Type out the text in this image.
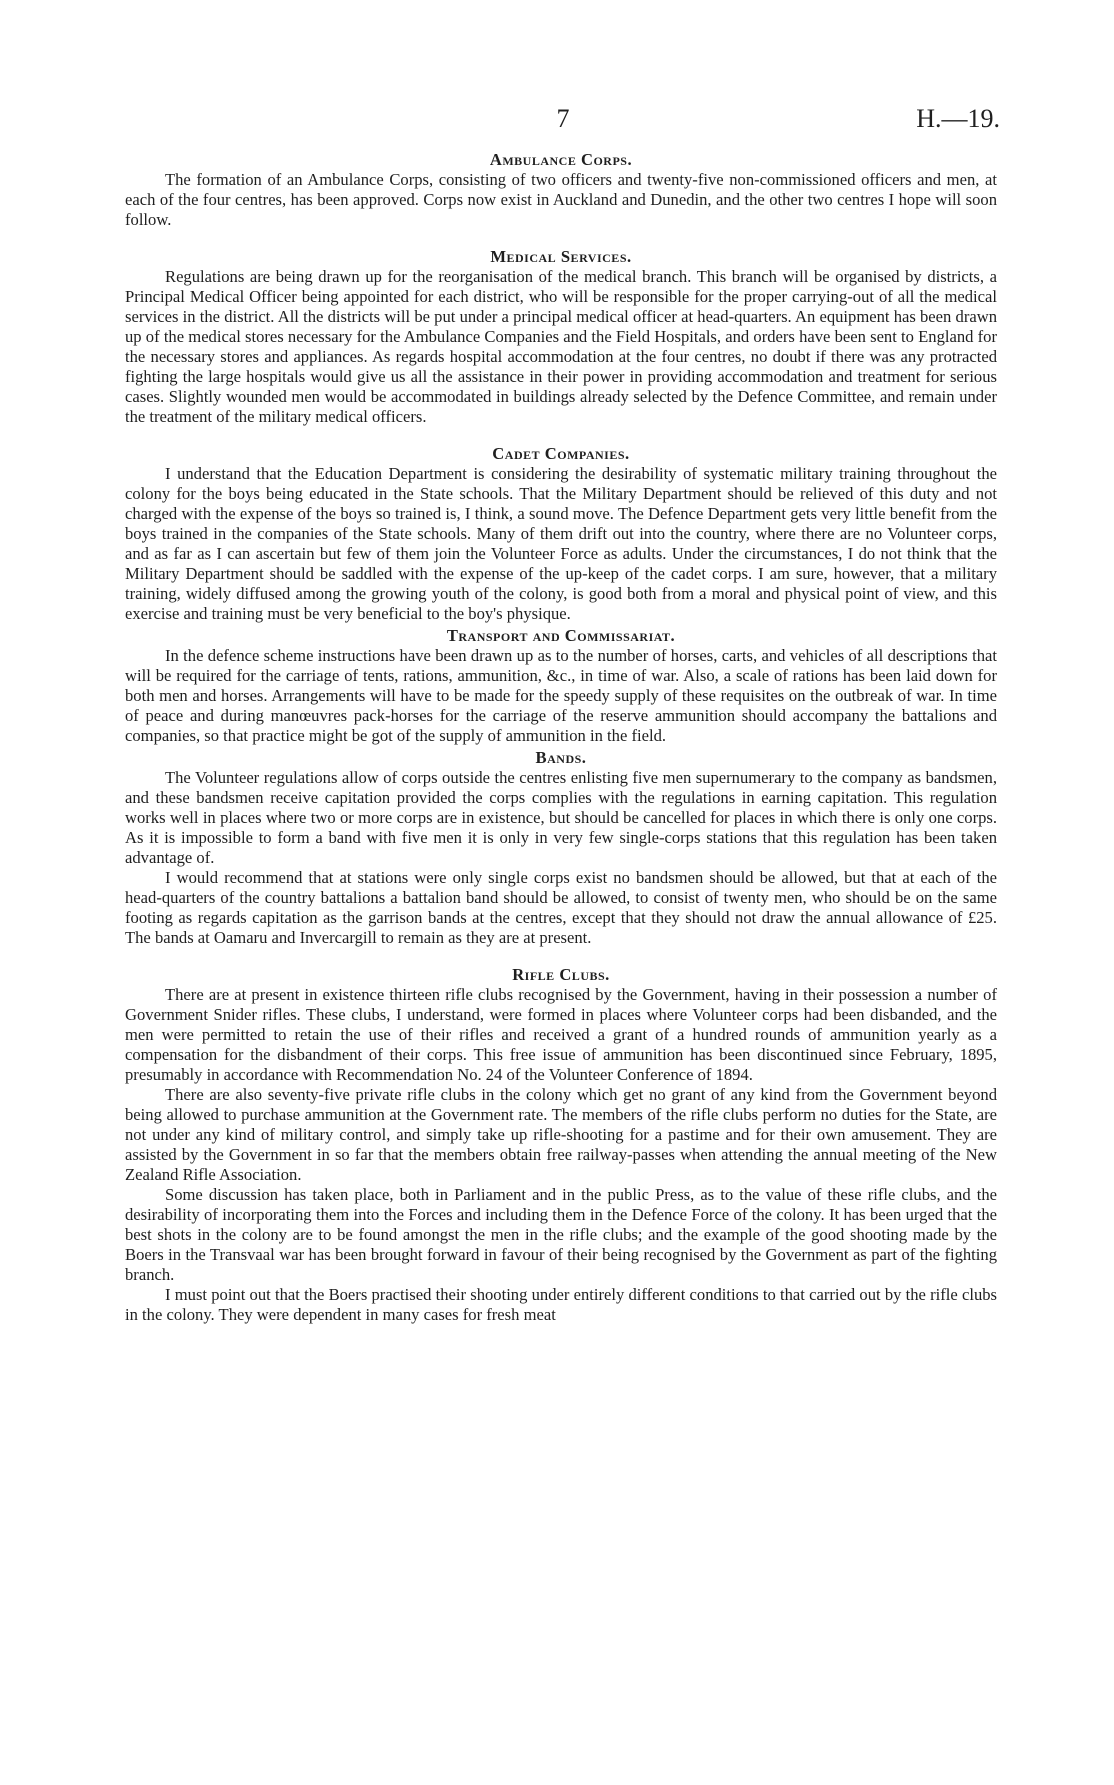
7	H.—19.
Ambulance Corps.

The formation of an Ambulance Corps, consisting of two officers and twenty-five non-commissioned officers and men, at each of the four centres, has been approved. Corps now exist in Auckland and Dunedin, and the other two centres I hope will soon follow.

Medical Services.

Regulations are being drawn up for the reorganisation of the medical branch. This branch will be organised by districts, a Principal Medical Officer being appointed for each district, who will be responsible for the proper carrying-out of all the medical services in the district. All the districts will be put under a principal medical officer at head-quarters. An equipment has been drawn up of the medical stores necessary for the Ambulance Companies and the Field Hospitals, and orders have been sent to England for the necessary stores and appliances. As regards hospital accommodation at the four centres, no doubt if there was any protracted fighting the large hospitals would give us all the assistance in their power in providing accommodation and treatment for serious cases. Slightly wounded men would be accommodated in buildings already selected by the Defence Committee, and remain under the treatment of the military medical officers.

Cadet Companies.

I understand that the Education Department is considering the desirability of systematic military training throughout the colony for the boys being educated in the State schools. That the Military Department should be relieved of this duty and not charged with the expense of the boys so trained is, I think, a sound move. The Defence Department gets very little benefit from the boys trained in the companies of the State schools. Many of them drift out into the country, where there are no Volunteer corps, and as far as I can ascertain but few of them join the Volunteer Force as adults. Under the circumstances, I do not think that the Military Department should be saddled with the expense of the up-keep of the cadet corps. I am sure, however, that a military training, widely diffused among the growing youth of the colony, is good both from a moral and physical point of view, and this exercise and training must be very beneficial to the boy's physique.

Transport and Commissariat.

In the defence scheme instructions have been drawn up as to the number of horses, carts, and vehicles of all descriptions that will be required for the carriage of tents, rations, ammunition, &c., in time of war. Also, a scale of rations has been laid down for both men and horses. Arrangements will have to be made for the speedy supply of these requisites on the outbreak of war. In time of peace and during manœuvres pack-horses for the carriage of the reserve ammunition should accompany the battalions and companies, so that practice might be got of the supply of ammunition in the field.

Bands.

The Volunteer regulations allow of corps outside the centres enlisting five men supernumerary to the company as bandsmen, and these bandsmen receive capitation provided the corps complies with the regulations in earning capitation. This regulation works well in places where two or more corps are in existence, but should be cancelled for places in which there is only one corps. As it is impossible to form a band with five men it is only in very few single-corps stations that this regulation has been taken advantage of.

I would recommend that at stations were only single corps exist no bandsmen should be allowed, but that at each of the head-quarters of the country battalions a battalion band should be allowed, to consist of twenty men, who should be on the same footing as regards capitation as the garrison bands at the centres, except that they should not draw the annual allowance of £25. The bands at Oamaru and Invercargill to remain as they are at present.

Rifle Clubs.

There are at present in existence thirteen rifle clubs recognised by the Government, having in their possession a number of Government Snider rifles. These clubs, I understand, were formed in places where Volunteer corps had been disbanded, and the men were permitted to retain the use of their rifles and received a grant of a hundred rounds of ammunition yearly as a compensation for the disbandment of their corps. This free issue of ammunition has been discontinued since February, 1895, presumably in accordance with Recommendation No. 24 of the Volunteer Conference of 1894.

There are also seventy-five private rifle clubs in the colony which get no grant of any kind from the Government beyond being allowed to purchase ammunition at the Government rate. The members of the rifle clubs perform no duties for the State, are not under any kind of military control, and simply take up rifle-shooting for a pastime and for their own amusement. They are assisted by the Government in so far that the members obtain free railway-passes when attending the annual meeting of the New Zealand Rifle Association.

Some discussion has taken place, both in Parliament and in the public Press, as to the value of these rifle clubs, and the desirability of incorporating them into the Forces and including them in the Defence Force of the colony. It has been urged that the best shots in the colony are to be found amongst the men in the rifle clubs; and the example of the good shooting made by the Boers in the Transvaal war has been brought forward in favour of their being recognised by the Government as part of the fighting branch.

I must point out that the Boers practised their shooting under entirely different conditions to that carried out by the rifle clubs in the colony. They were dependent in many cases for fresh meat
